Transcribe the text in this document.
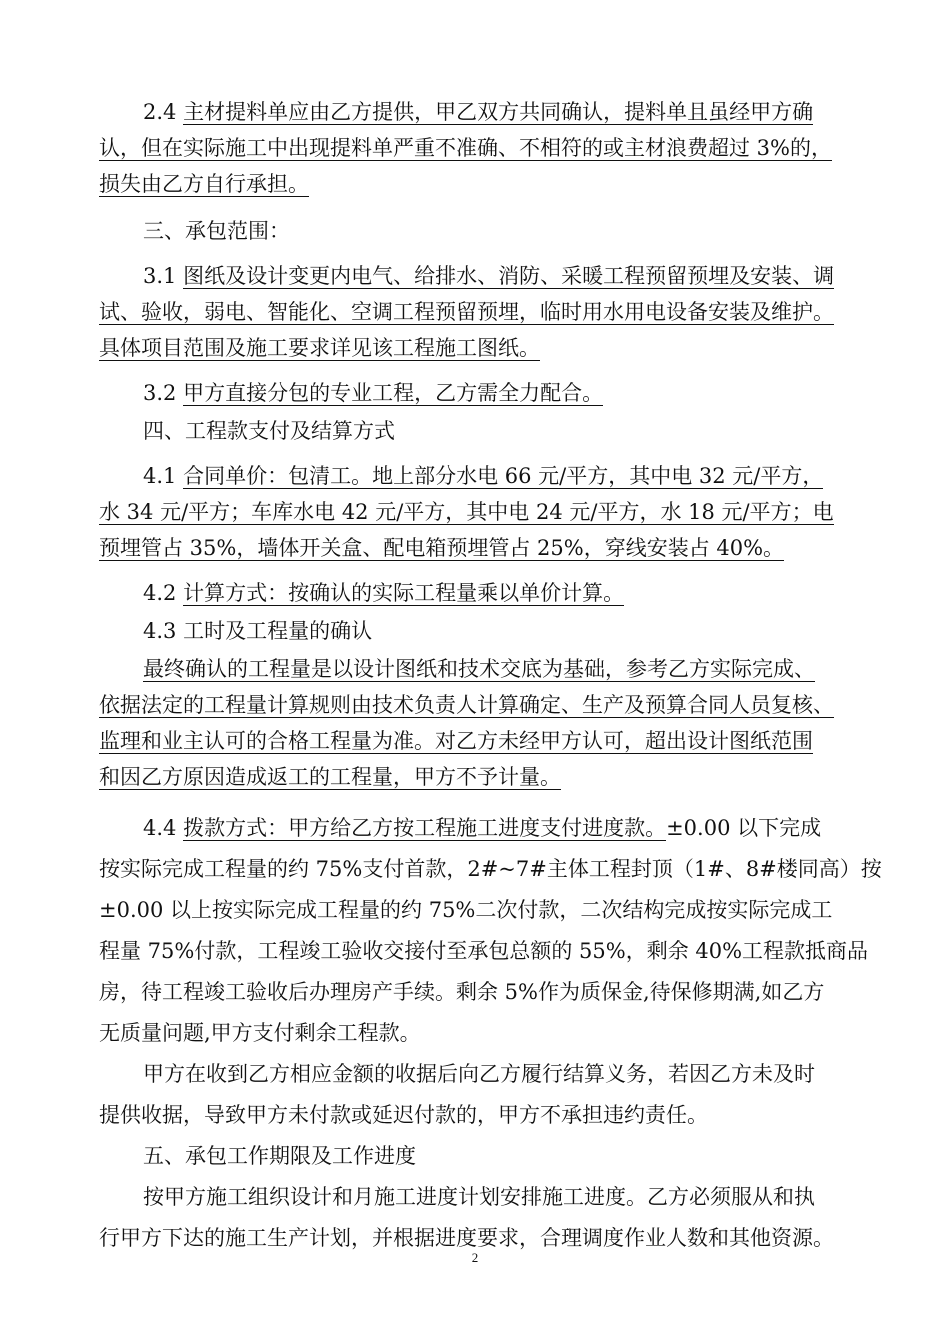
2.4 主材提料单应由乙方提供，甲乙双方共同确认，提料单且虽经甲方确
认，但在实际施工中出现提料单严重不准确、不相符的或主材浪费超过 3%的，
损失由乙方自行承担。
三、承包范围：
3.1 图纸及设计变更内电气、给排水、消防、采暖工程预留预埋及安装、调
试、验收，弱电、智能化、空调工程预留预埋，临时用水用电设备安装及维护。
具体项目范围及施工要求详见该工程施工图纸。
3.2 甲方直接分包的专业工程，乙方需全力配合。
四、工程款支付及结算方式
4.1 合同单价：包清工。地上部分水电 66 元/平方，其中电 32 元/平方，
水 34 元/平方；车库水电 42 元/平方，其中电 24 元/平方，水 18 元/平方；电
预埋管占 35%，墙体开关盒、配电箱预埋管占 25%，穿线安装占 40%。
4.2 计算方式：按确认的实际工程量乘以单价计算。
4.3 工时及工程量的确认
最终确认的工程量是以设计图纸和技术交底为基础，参考乙方实际完成、
依据法定的工程量计算规则由技术负责人计算确定、生产及预算合同人员复核、
监理和业主认可的合格工程量为准。对乙方未经甲方认可，超出设计图纸范围
和因乙方原因造成返工的工程量，甲方不予计量。
4.4 拨款方式：甲方给乙方按工程施工进度支付进度款。±0.00 以下完成
按实际完成工程量的约 75%支付首款，2#~7#主体工程封顶（1#、8#楼同高）按
±0.00 以上按实际完成工程量的约 75%二次付款，二次结构完成按实际完成工
程量 75%付款，工程竣工验收交接付至承包总额的 55%，剩余 40%工程款抵商品
房，待工程竣工验收后办理房产手续。剩余 5%作为质保金,待保修期满,如乙方
无质量问题,甲方支付剩余工程款。
甲方在收到乙方相应金额的收据后向乙方履行结算义务，若因乙方未及时
提供收据，导致甲方未付款或延迟付款的，甲方不承担违约责任。
五、承包工作期限及工作进度
按甲方施工组织设计和月施工进度计划安排施工进度。乙方必须服从和执
行甲方下达的施工生产计划，并根据进度要求，合理调度作业人数和其他资源。
2
